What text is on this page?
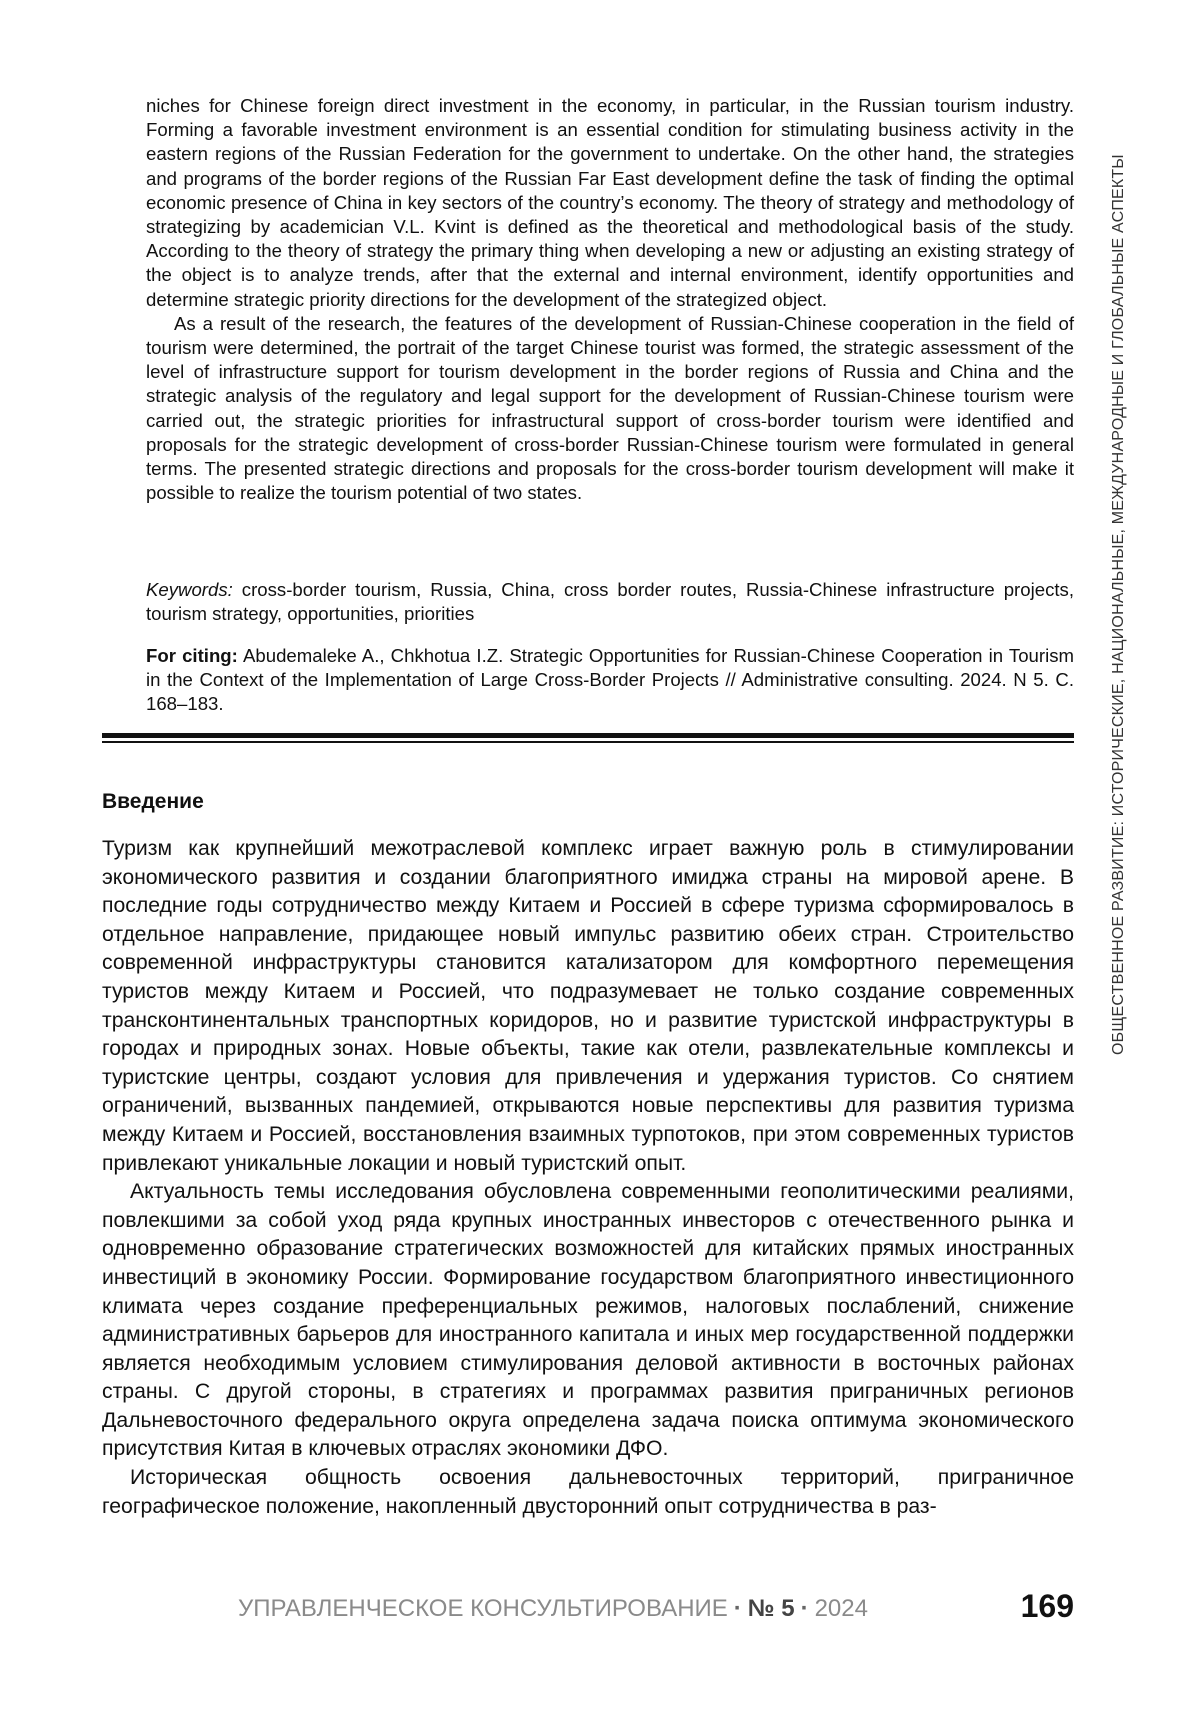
niches for Chinese foreign direct investment in the economy, in particular, in the Russian tourism industry. Forming a favorable investment environment is an essential condition for stimulating business activity in the eastern regions of the Russian Federation for the government to undertake. On the other hand, the strategies and programs of the border regions of the Russian Far East development define the task of finding the optimal economic presence of China in key sectors of the country’s economy. The theory of strategy and methodology of strategizing by academician V.L. Kvint is defined as the theoretical and methodological basis of the study. According to the theory of strategy the primary thing when developing a new or adjusting an existing strategy of the object is to analyze trends, after that the external and internal environment, identify opportunities and determine strategic priority directions for the development of the strategized object.

As a result of the research, the features of the development of Russian-Chinese cooperation in the field of tourism were determined, the portrait of the target Chinese tourist was formed, the strategic assessment of the level of infrastructure support for tourism development in the border regions of Russia and China and the strategic analysis of the regulatory and legal support for the development of Russian-Chinese tourism were carried out, the strategic priorities for infrastructural support of cross-border tourism were identified and proposals for the strategic development of cross-border Russian-Chinese tourism were formulated in general terms. The presented strategic directions and proposals for the cross-border tourism development will make it possible to realize the tourism potential of two states.

Keywords: cross-border tourism, Russia, China, cross border routes, Russia-Chinese infrastructure projects, tourism strategy, opportunities, priorities
For citing: Abudemaleke A., Chkhotua I.Z. Strategic Opportunities for Russian-Chinese Cooperation in Tourism in the Context of the Implementation of Large Cross-Border Projects // Administrative consulting. 2024. N 5. С. 168–183.
Введение

Туризм как крупнейший межотраслевой комплекс играет важную роль в стимулировании экономического развития и создании благоприятного имиджа страны на мировой арене. В последние годы сотрудничество между Китаем и Россией в сфере туризма сформировалось в отдельное направление, придающее новый импульс развитию обеих стран. Строительство современной инфраструктуры становится катализатором для комфортного перемещения туристов между Китаем и Россией, что подразумевает не только создание современных трансконтинентальных транспортных коридоров, но и развитие туристской инфраструктуры в городах и природных зонах. Новые объекты, такие как отели, развлекательные комплексы и туристские центры, создают условия для привлечения и удержания туристов. Со снятием ограничений, вызванных пандемией, открываются новые перспективы для развития туризма между Китаем и Россией, восстановления взаимных турпотоков, при этом современных туристов привлекают уникальные локации и новый туристский опыт.

Актуальность темы исследования обусловлена современными геополитическими реалиями, повлекшими за собой уход ряда крупных иностранных инвесторов с отечественного рынка и одновременно образование стратегических возможностей для китайских прямых иностранных инвестиций в экономику России. Формирование государством благоприятного инвестиционного климата через создание преференциальных режимов, налоговых послаблений, снижение административных барьеров для иностранного капитала и иных мер государственной поддержки является необходимым условием стимулирования деловой активности в восточных районах страны. С другой стороны, в стратегиях и программах развития приграничных регионов Дальневосточного федерального округа определена задача поиска оптимума экономического присутствия Китая в ключевых отраслях экономики ДФО.

Историческая общность освоения дальневосточных территорий, приграничное географическое положение, накопленный двусторонний опыт сотрудничества в раз-

ОБЩЕСТВЕННОЕ РАЗВИТИЕ: ИСТОРИЧЕСКИЕ, НАЦИОНАЛЬНЫЕ, МЕЖДУНАРОДНЫЕ И ГЛОБАЛЬНЫЕ АСПЕКТЫ
УПРАВЛЕНЧЕСКОЕ КОНСУЛЬТИРОВАНИЕ · № 5 · 2024	169
